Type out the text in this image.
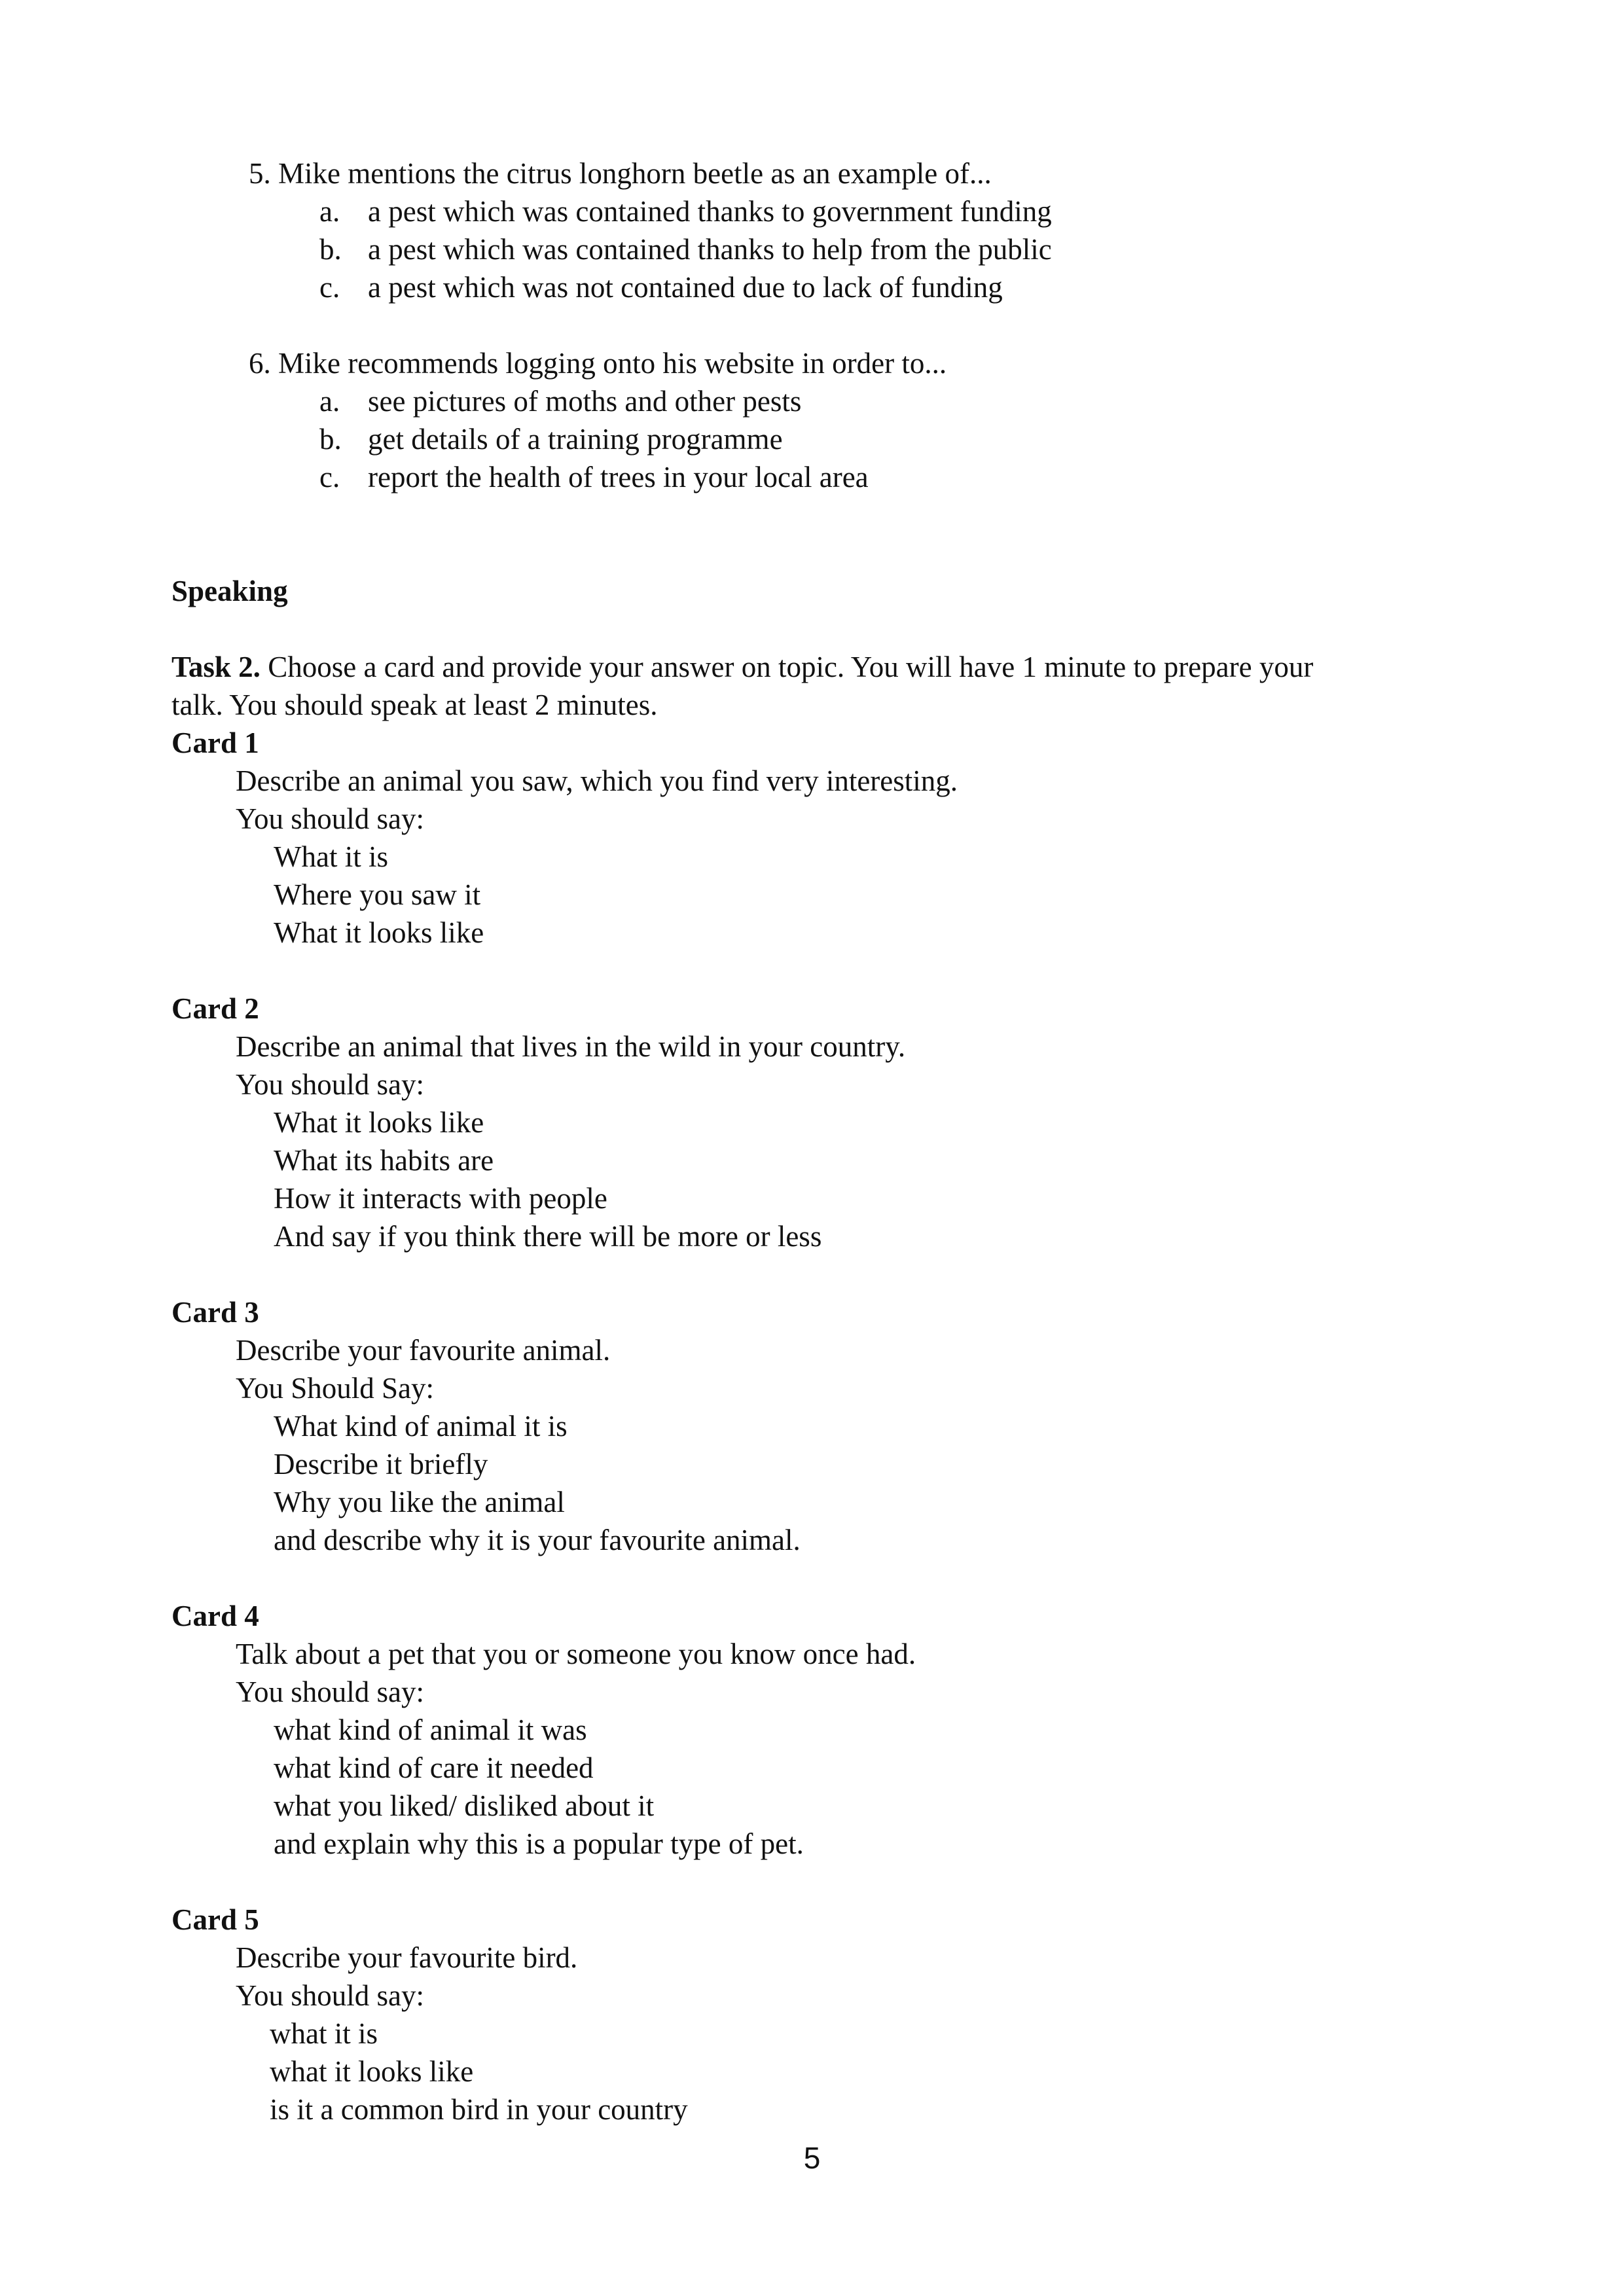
5. Mike mentions the citrus longhorn beetle as an example of...
a. a pest which was contained thanks to government funding
b. a pest which was contained thanks to help from the public
c. a pest which was not contained due to lack of funding
6. Mike recommends logging onto his website in order to...
a. see pictures of moths and other pests
b. get details of a training programme
c. report the health of trees in your local area
Speaking
Task 2. Choose a card and provide your answer on topic. You will have 1 minute to prepare your
talk. You should speak at least 2 minutes.
Card 1
Describe an animal you saw, which you find very interesting.
You should say:
What it is
Where you saw it
What it looks like
Card 2
Describe an animal that lives in the wild in your country.
You should say:
What it looks like
What its habits are
How it interacts with people
And say if you think there will be more or less
Card 3
Describe your favourite animal.
You Should Say:
What kind of animal it is
Describe it briefly
Why you like the animal
and describe why it is your favourite animal.
Card 4
Talk about a pet that you or someone you know once had.
You should say:
what kind of animal it was
what kind of care it needed
what you liked/ disliked about it
and explain why this is a popular type of pet.
Card 5
Describe your favourite bird.
You should say:
what it is
what it looks like
is it a common bird in your country
5
